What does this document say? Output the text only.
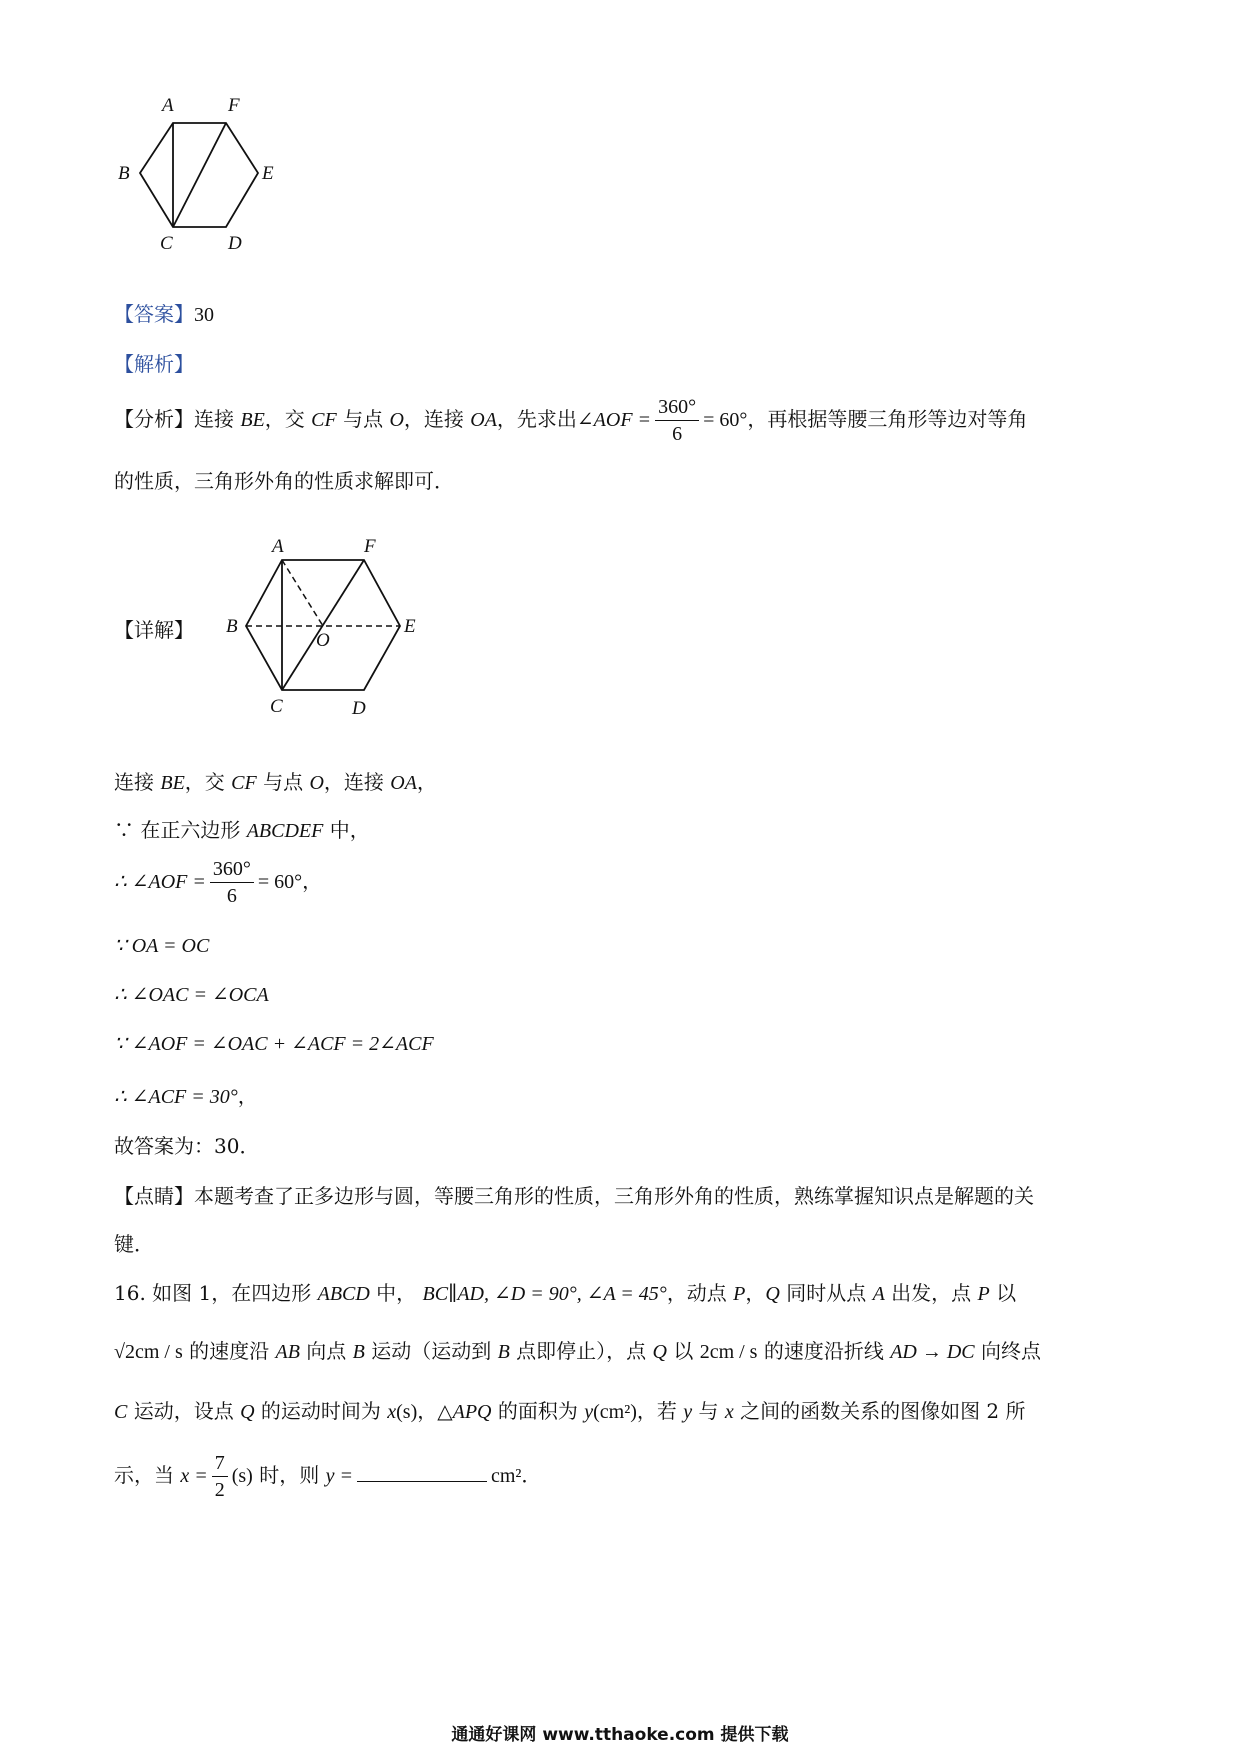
A	F
B	E
C	D
【答案】30
【解析】
【分析】连接 BE，交 CF 与点 O，连接 OA，先求出∠AOF = $\frac{360^\circ}{6} = 60^\circ$，再根据等腰三角形等边对等角
的性质，三角形外角的性质求解即可．
【详解】
A	F
B	E
O
C	D
连接 BE，交 CF 与点 O，连接 OA，
∵ 在正六边形 ABCDEF 中，
∴ ∠AOF = $\frac{360^\circ}{6} = 60^\circ$，
∵ OA = OC
∴ ∠OAC = ∠OCA
∵ ∠AOF = ∠OAC + ∠ACF = 2∠ACF
∴ ∠ACF = 30°，
故答案为：30．
【点睛】本题考查了正多边形与圆，等腰三角形的性质，三角形外角的性质，熟练掌握知识点是解题的关
键．
16. 如图 1，在四边形 ABCD 中， BC∥AD, ∠D = 90°, ∠A = 45°，动点 P，Q 同时从点 A 出发，点 P 以
√2cm / s 的速度沿 AB 向点 B 运动（运动到 B 点即停止），点 Q 以 2cm / s 的速度沿折线 AD → DC 向终点
C 运动，设点 Q 的运动时间为 x(s)，△APQ 的面积为 y(cm²)，若 y 与 x 之间的函数关系的图像如图 2 所
示，当 $x = \frac{7}{2} (s)$ 时，则 y =	cm²．
通通好课网 www.tthaoke.com 提供下载
